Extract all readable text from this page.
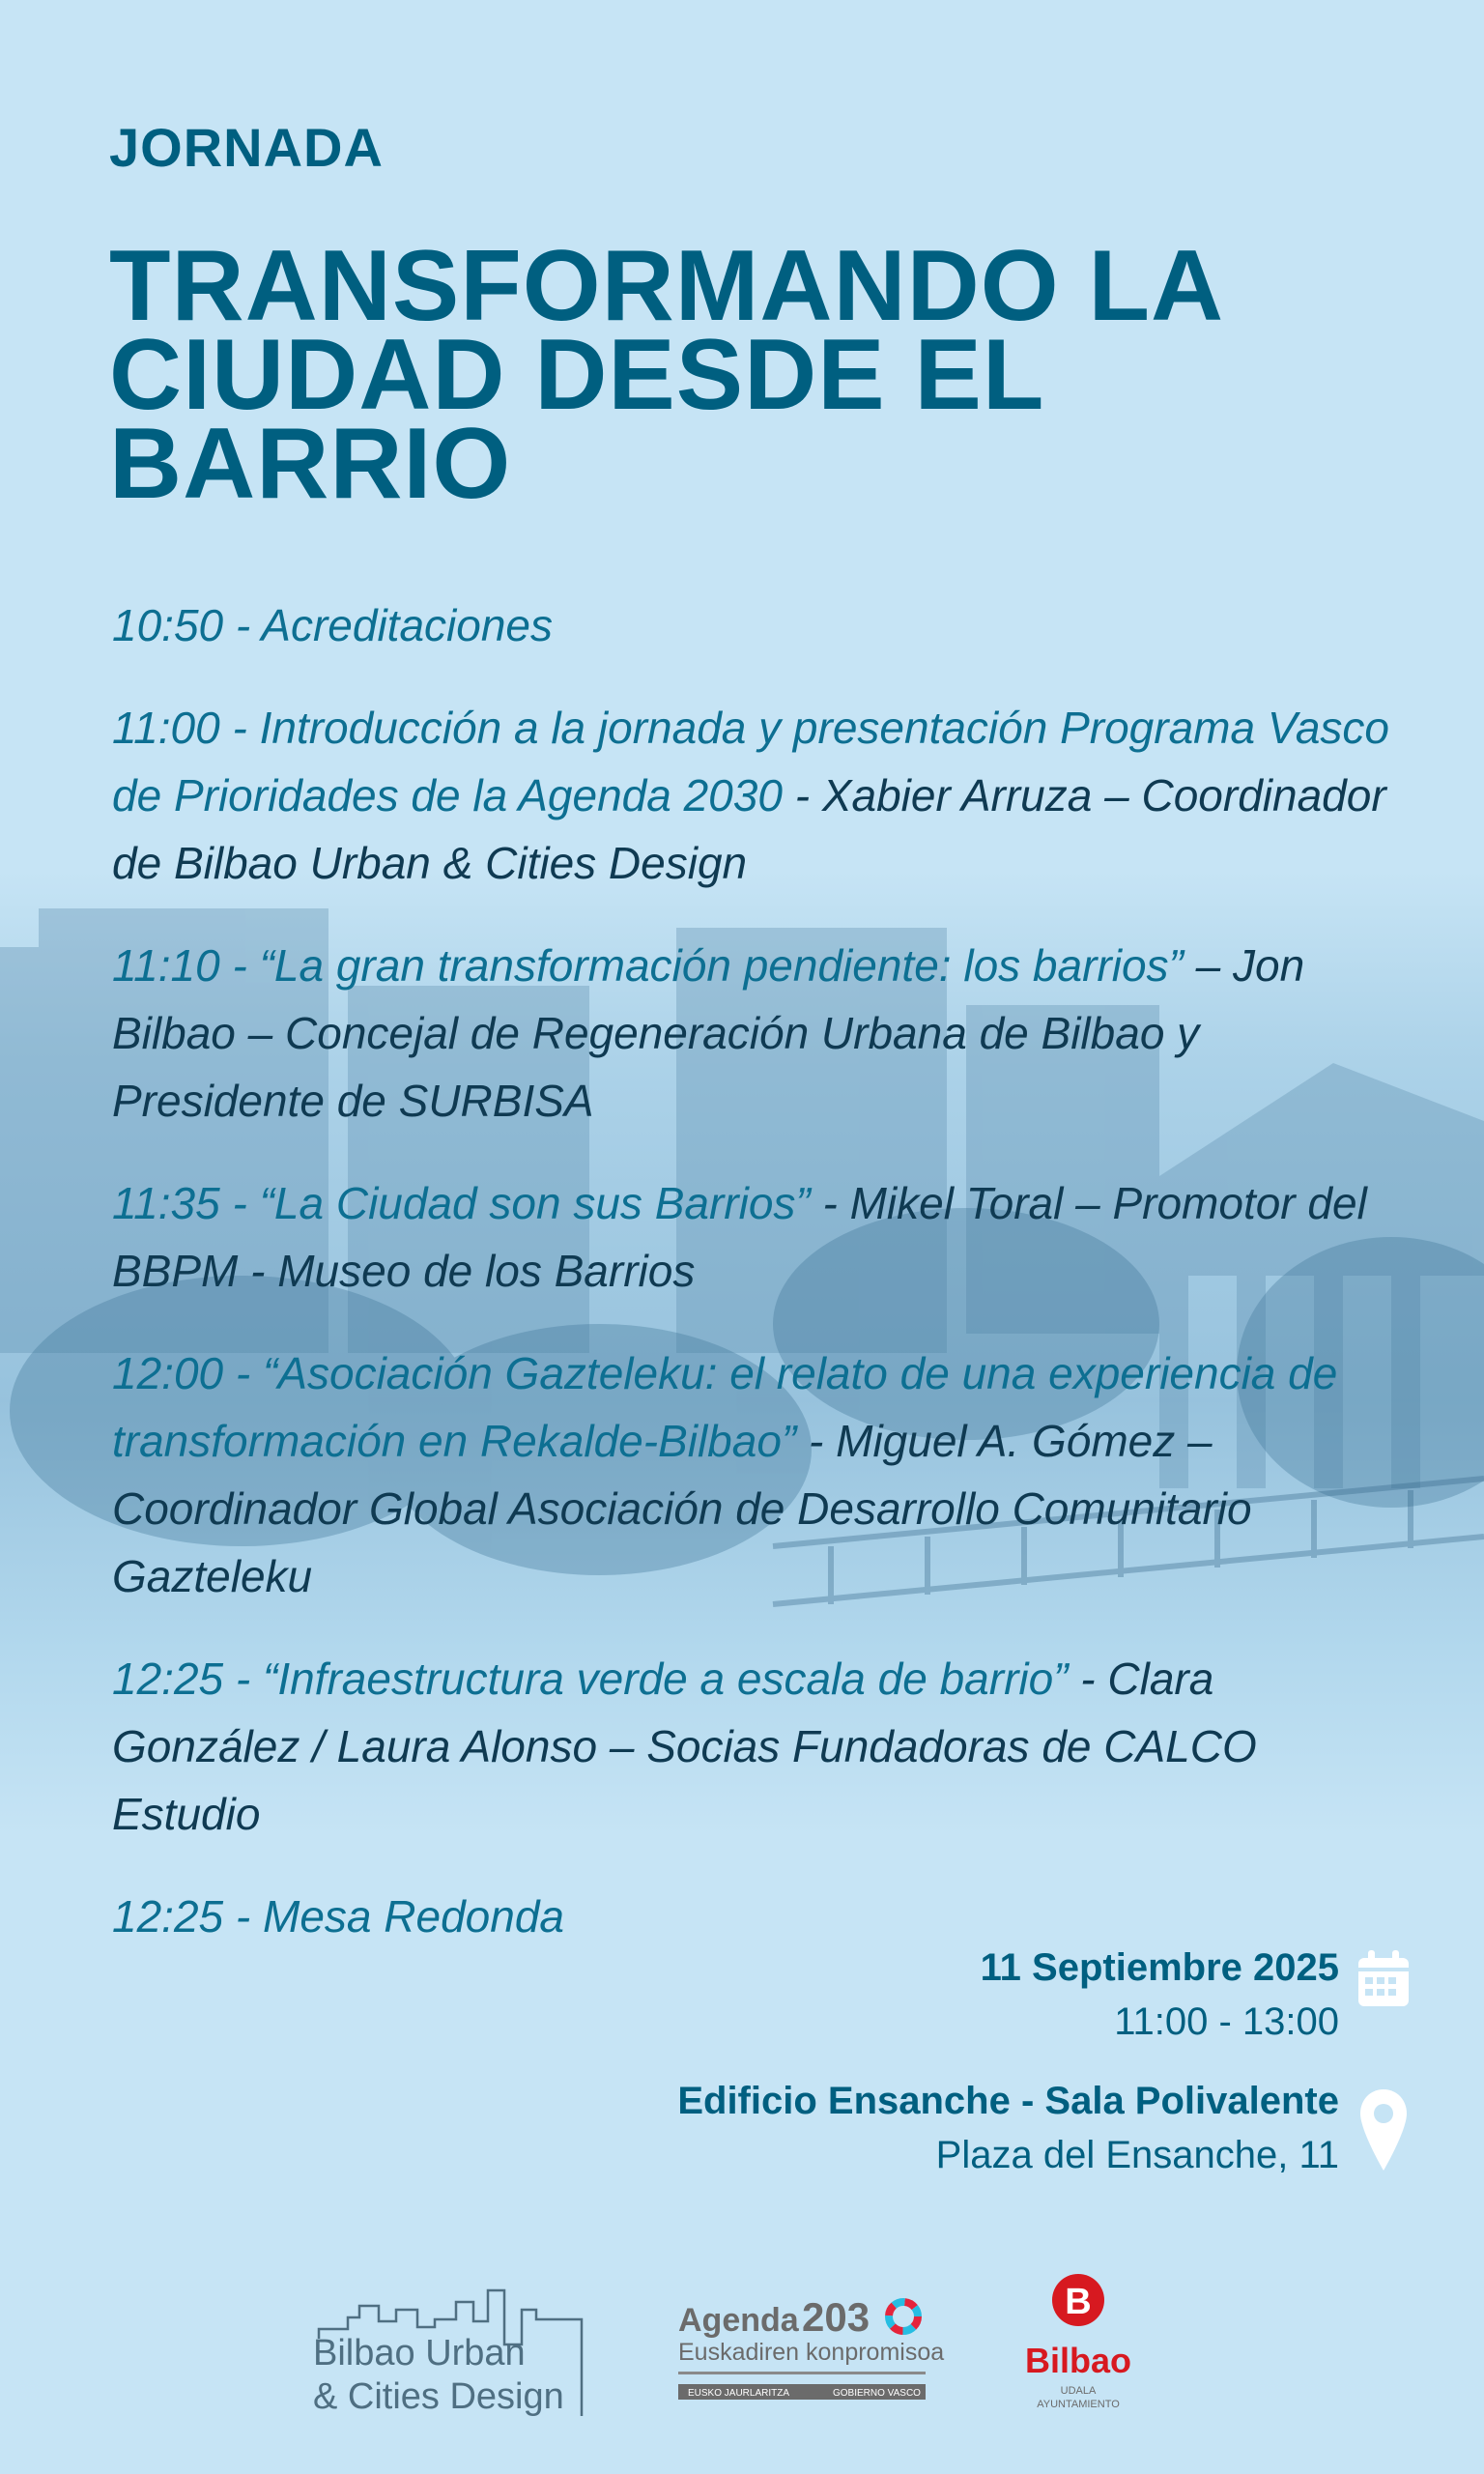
JORNADA
TRANSFORMANDO LA CIUDAD DESDE EL BARRIO

10:50 - Acreditaciones

11:00 - Introducción a la jornada y presentación Programa Vasco de Prioridades de la Agenda 2030 - Xabier Arruza – Coordinador de Bilbao Urban & Cities Design

11:10 - “La gran transformación pendiente: los barrios” – Jon Bilbao – Concejal de Regeneración Urbana de Bilbao y Presidente de SURBISA

11:35 - “La Ciudad son sus Barrios” - Mikel Toral – Promotor del BBPM - Museo de los Barrios

12:00 - “Asociación Gazteleku: el relato de una experiencia de transformación en Rekalde-Bilbao” - Miguel A. Gómez – Coordinador Global Asociación de Desarrollo Comunitario Gazteleku

12:25 - “Infraestructura verde a escala de barrio” - Clara González / Laura Alonso – Socias Fundadoras de CALCO Estudio

12:25 - Mesa Redonda

11 Septiembre 2025
11:00 - 13:00
Edificio Ensanche - Sala Polivalente
Plaza del Ensanche, 11
Bilbao Urban
& Cities Design
Agenda 203
Euskadiren konpromisoa
EUSKO JAURLARITZA	GOBIERNO VASCO
B
Bilbao
UDALA
AYUNTAMIENTO
